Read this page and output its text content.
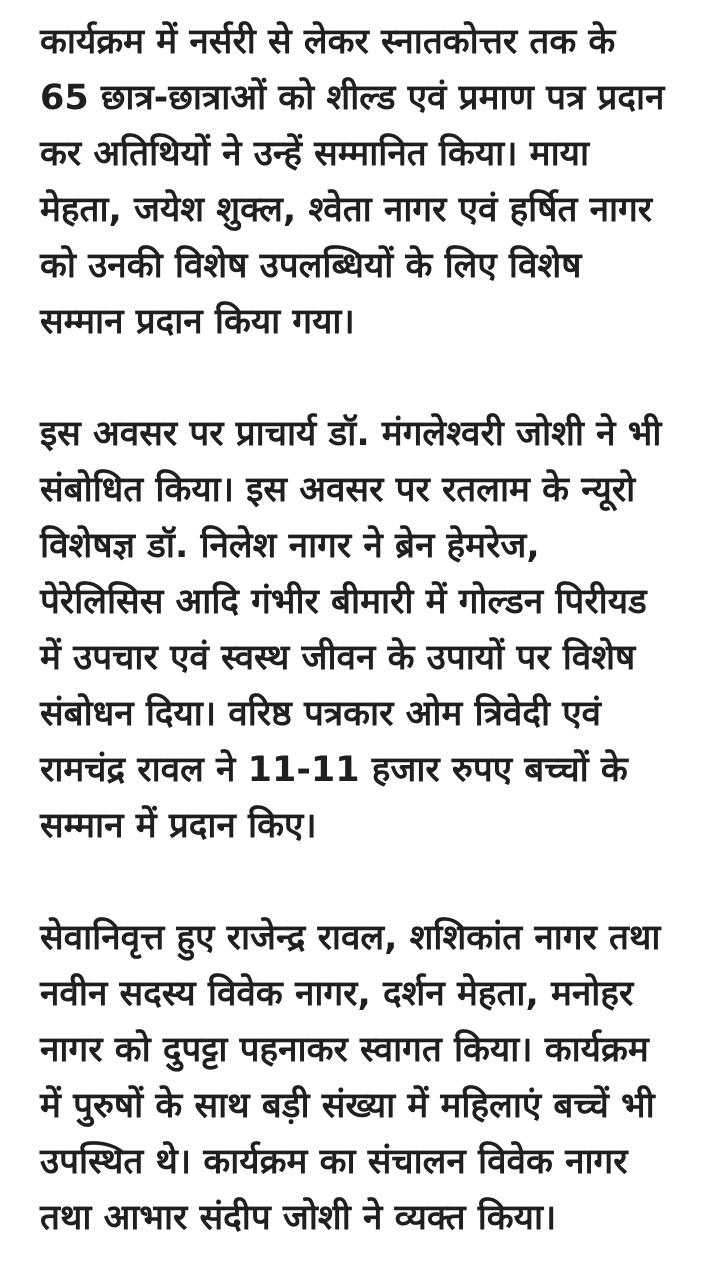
कार्यक्रम में नर्सरी से लेकर स्नातकोत्तर तक के
65 छात्र-छात्राओं को शील्ड एवं प्रमाण पत्र प्रदान
कर अतिथियों ने उन्हें सम्मानित किया। माया
मेहता, जयेश शुक्ल, श्वेता नागर एवं हर्षित नागर
को उनकी विशेष उपलब्धियों के लिए विशेष
सम्मान प्रदान किया गया।

इस अवसर पर प्राचार्य डॉ. मंगलेश्वरी जोशी ने भी
संबोधित किया। इस अवसर पर रतलाम के न्यूरो
विशेषज्ञ डॉ. निलेश नागर ने ब्रेन हेमरेज,
पेरेलिसिस आदि गंभीर बीमारी में गोल्डन पिरीयड
में उपचार एवं स्वस्थ जीवन के उपायों पर विशेष
संबोधन दिया। वरिष्ठ पत्रकार ओम त्रिवेदी एवं
रामचंद्र रावल ने 11-11 हजार रुपए बच्चों के
सम्मान में प्रदान किए।

सेवानिवृत्त हुए राजेन्द्र रावल, शशिकांत नागर तथा
नवीन सदस्य विवेक नागर, दर्शन मेहता, मनोहर
नागर को दुपट्टा पहनाकर स्वागत किया। कार्यक्रम
में पुरुषों के साथ बड़ी संख्या में महिलाएं बच्चें भी
उपस्थित थे। कार्यक्रम का संचालन विवेक नागर
तथा आभार संदीप जोशी ने व्यक्त किया।
